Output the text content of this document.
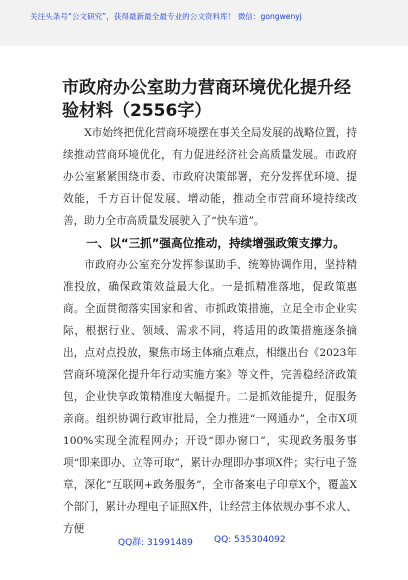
关注头条号“公文研究”，获得最新最全最专业的公文资料库！ 微信：gongwenyj
市政府办公室助力营商环境优化提升经验材料（2556字）

X市始终把优化营商环境摆在事关全局发展的战略位置，持续推动营商环境优化，有力促进经济社会高质量发展。市政府办公室紧紧围绕市委、市政府决策部署，充分发挥优环境、提效能，千方百计促发展、增动能，推动全市营商环境持续改善，助力全市高质量发展驶入了“快车道”。

一、以“三抓”强高位推动，持续增强政策支撑力。

市政府办公室充分发挥参谋助手、统筹协调作用，坚持精准投放，确保政策效益最大化。一是抓精准落地，促政策惠商。全面贯彻落实国家和省、市抓政策措施，立足全市企业实际，根据行业、领域、需求不同，将适用的政策措施逐条摘出，点对点投放，聚焦市场主体痛点难点，相继出台《2023年营商环境深化提升年行动实施方案》等文件，完善稳经济政策包，企业快享政策精准度大幅提升。二是抓效能提升，促服务亲商。组织协调行政审批局，全力推进“一网通办”，全市X项100%实现全流程网办；开设“即办窗口”，实现政务服务事项“即来即办、立等可取”，累计办理即办事项X件；实行电子签章，深化“互联网+政务服务”，全市备案电子印章X个，覆盖X个部门，累计办理电子证照X件，让经营主体依规办事不求人、方便

QQ群: 31991489 QQ: 535304092
